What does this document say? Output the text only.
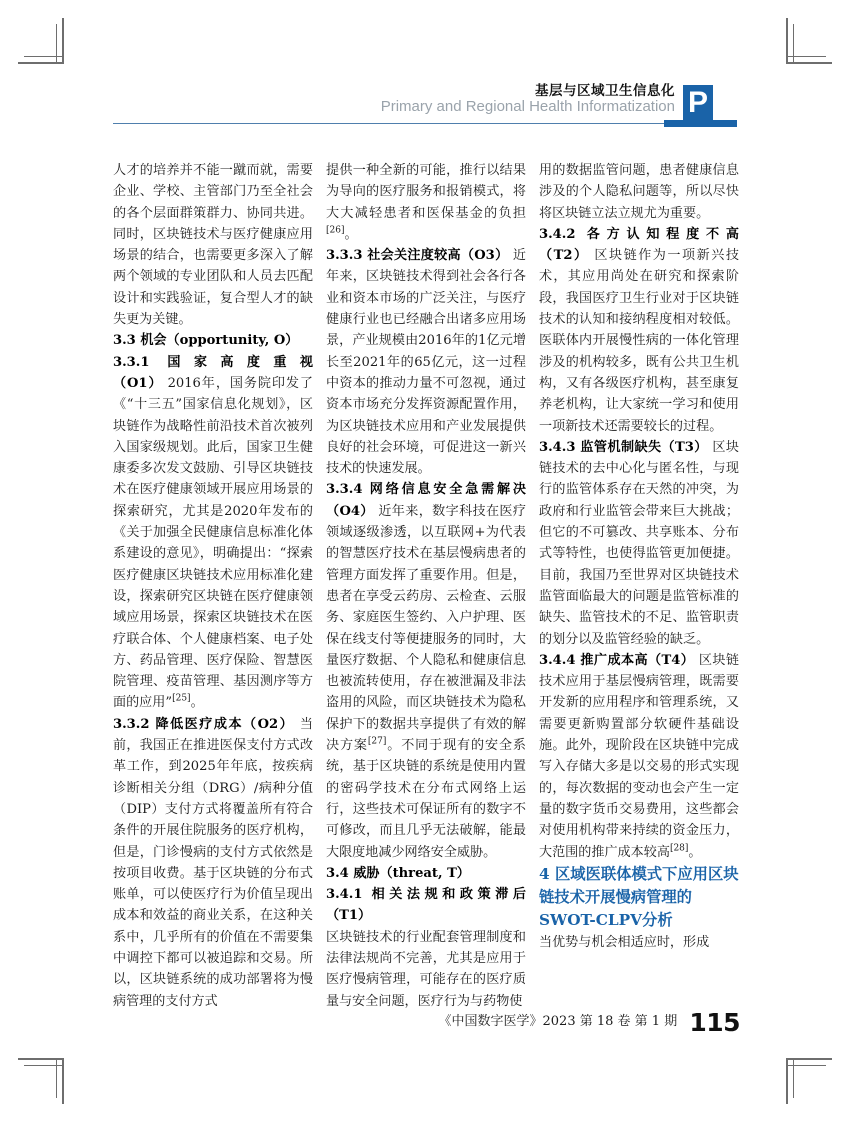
基层与区域卫生信息化
Primary and Regional Health Informatization P

人才的培养并不能一蹴而就，需要企业、学校、主管部门乃至全社会的各个层面群策群力、协同共进。同时，区块链技术与医疗健康应用场景的结合，也需要更多深入了解两个领域的专业团队和人员去匹配设计和实践验证，复合型人才的缺失更为关键。

3.3 机会（opportunity, O）

3.3.1 国家高度重视（O1） 2016年，国务院印发了《“十三五”国家信息化规划》，区块链作为战略性前沿技术首次被列入国家级规划。此后，国家卫生健康委多次发文鼓励、引导区块链技术在医疗健康领域开展应用场景的探索研究，尤其是2020年发布的《关于加强全民健康信息标准化体系建设的意见》，明确提出：“探索医疗健康区块链技术应用标准化建设，探索研究区块链在医疗健康领域应用场景，探索区块链技术在医疗联合体、个人健康档案、电子处方、药品管理、医疗保险、智慧医院管理、疫苗管理、基因测序等方面的应用”[25]。

3.3.2 降低医疗成本（O2） 当前，我国正在推进医保支付方式改革工作，到2025年年底，按疾病诊断相关分组（DRG）/病种分值（DIP）支付方式将覆盖所有符合条件的开展住院服务的医疗机构，但是，门诊慢病的支付方式依然是按项目收费。基于区块链的分布式账单，可以使医疗行为价值呈现出成本和效益的商业关系，在这种关系中，几乎所有的价值在不需要集中调控下都可以被追踪和交易。所以，区块链系统的成功部署将为慢病管理的支付方式

提供一种全新的可能，推行以结果为导向的医疗服务和报销模式，将大大减轻患者和医保基金的负担[26]。

3.3.3 社会关注度较高（O3） 近年来，区块链技术得到社会各行各业和资本市场的广泛关注，与医疗健康行业也已经融合出诸多应用场景，产业规模由2016年的1亿元增长至2021年的65亿元，这一过程中资本的推动力量不可忽视，通过资本市场充分发挥资源配置作用，为区块链技术应用和产业发展提供良好的社会环境，可促进这一新兴技术的快速发展。

3.3.4 网络信息安全急需解决（O4） 近年来，数字科技在医疗领域逐级渗透，以互联网+为代表的智慧医疗技术在基层慢病患者的管理方面发挥了重要作用。但是，患者在享受云药房、云检查、云服务、家庭医生签约、入户护理、医保在线支付等便捷服务的同时，大量医疗数据、个人隐私和健康信息也被流转使用，存在被泄漏及非法盗用的风险，而区块链技术为隐私保护下的数据共享提供了有效的解决方案[27]。不同于现有的安全系统，基于区块链的系统是使用内置的密码学技术在分布式网络上运行，这些技术可保证所有的数字不可修改，而且几乎无法破解，能最大限度地减少网络安全威胁。

3.4 威胁（threat, T）

3.4.1 相关法规和政策滞后（T1）
区块链技术的行业配套管理制度和法律法规尚不完善，尤其是应用于医疗慢病管理，可能存在的医疗质量与安全问题，医疗行为与药物使

用的数据监管问题，患者健康信息涉及的个人隐私问题等，所以尽快将区块链立法立规尤为重要。

3.4.2 各方认知程度不高（T2） 区块链作为一项新兴技术，其应用尚处在研究和探索阶段，我国医疗卫生行业对于区块链技术的认知和接纳程度相对较低。医联体内开展慢性病的一体化管理涉及的机构较多，既有公共卫生机构，又有各级医疗机构，甚至康复养老机构，让大家统一学习和使用一项新技术还需要较长的过程。

3.4.3 监管机制缺失（T3） 区块链技术的去中心化与匿名性，与现行的监管体系存在天然的冲突，为政府和行业监管会带来巨大挑战；但它的不可篡改、共享账本、分布式等特性，也使得监管更加便捷。目前，我国乃至世界对区块链技术监管面临最大的问题是监管标准的缺失、监管技术的不足、监管职责的划分以及监管经验的缺乏。

3.4.4 推广成本高（T4） 区块链技术应用于基层慢病管理，既需要开发新的应用程序和管理系统，又需要更新购置部分软硬件基础设施。此外，现阶段在区块链中完成写入存储大多是以交易的形式实现的，每次数据的变动也会产生一定量的数字货币交易费用，这些都会对使用机构带来持续的资金压力，大范围的推广成本较高[28]。

4 区域医联体模式下应用区块链技术开展慢病管理的SWOT-CLPV分析

当优势与机会相适应时，形成

$^{《中国数字医学》2023 第 18 卷 第 1 期}$ 115
